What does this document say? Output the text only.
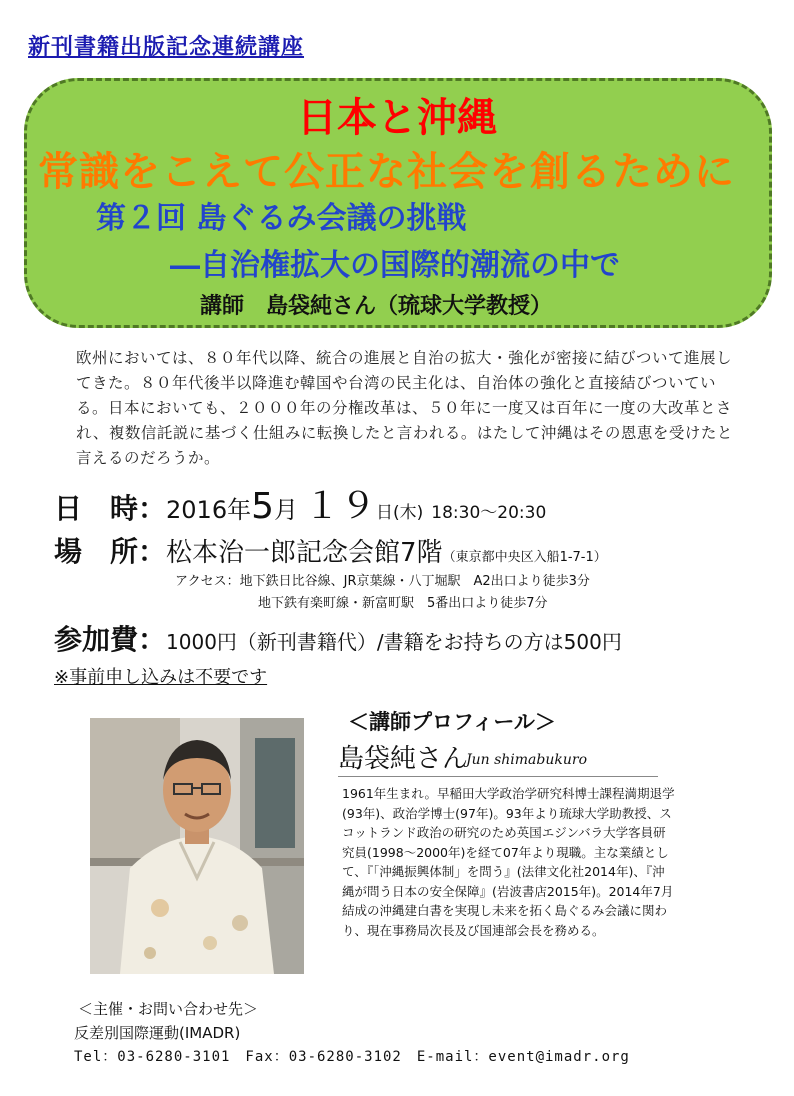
新刊書籍出版記念連続講座
日本と沖縄
常識をこえて公正な社会を創るために
第２回 島ぐるみ会議の挑戦
―自治権拡大の国際的潮流の中で
講師　島袋純さん（琉球大学教授）
欧州においては、８０年代以降、統合の進展と自治の拡大・強化が密接に結びついて進展してきた。８０年代後半以降進む韓国や台湾の民主化は、自治体の強化と直接結びついている。日本においても、２０００年の分権改革は、５０年に一度又は百年に一度の大改革とされ、複数信託説に基づく仕組みに転換したと言われる。はたして沖縄はその恩恵を受けたと言えるのだろうか。
日　時：2016年5月 １９日(木) 18:30〜20:30
場　所：松本治一郎記念会館7階（東京都中央区入船1-7-1）
アクセス：地下鉄日比谷線、JR京葉線・八丁堀駅　A2出口より徒歩3分
地下鉄有楽町線・新富町駅　5番出口より徒歩7分
参加費：1000円（新刊書籍代）/書籍をお持ちの方は500円
※事前申し込みは不要です
＜講師プロフィール＞
島袋純さん
Jun shimabukuro
1961年生まれ。早稲田大学政治学研究科博士課程満期退学(93年)、政治学博士(97年)。93年より琉球大学助教授、スコットランド政治の研究のため英国エジンバラ大学客員研究員(1998〜2000年)を経て07年より現職。主な業績として、『「沖縄振興体制」を問う』(法律文化社2014年)、『沖縄が問う日本の安全保障』(岩波書店2015年)。2014年7月結成の沖縄建白書を実現し未来を拓く島ぐるみ会議に関わり、現在事務局次長及び国連部会長を務める。
＜主催・お問い合わせ先＞
反差別国際運動(IMADR)
Tel：03-6280-3101　Fax：03-6280-3102　E-mail：event@imadr.org
